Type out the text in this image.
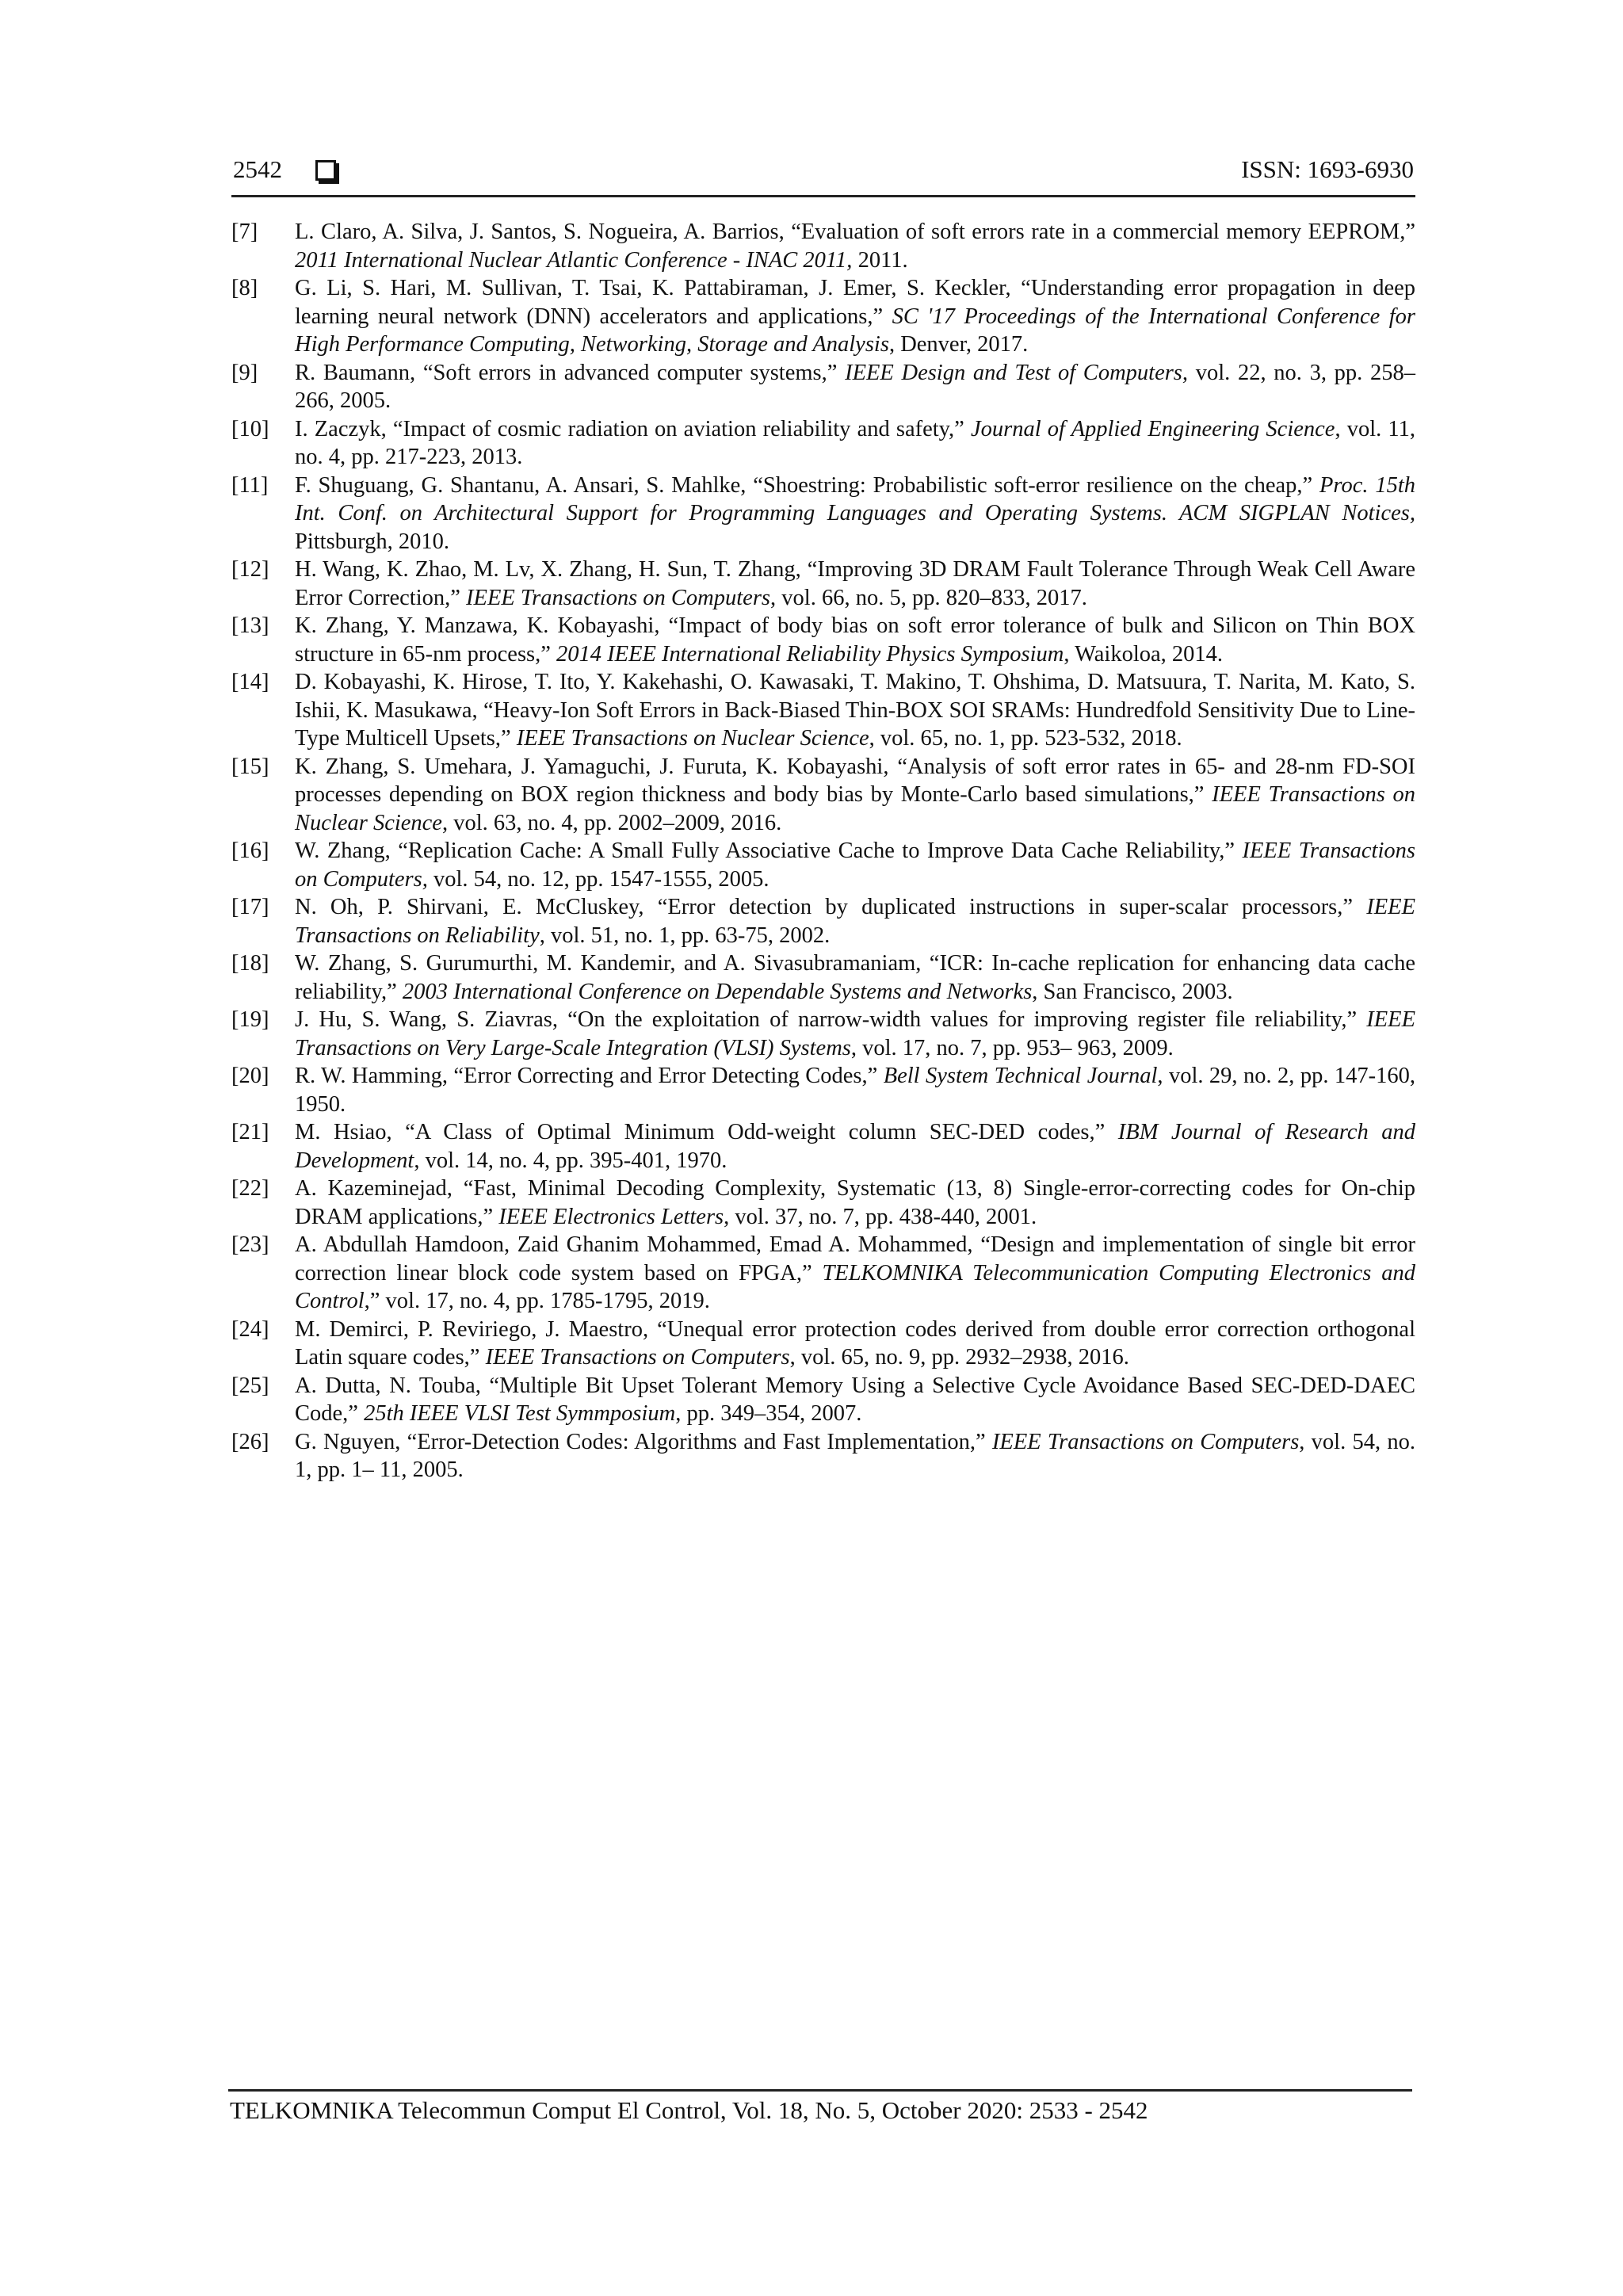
2542	ISSN: 1693-6930
[7] L. Claro, A. Silva, J. Santos, S. Nogueira, A. Barrios, “Evaluation of soft errors rate in a commercial memory EEPROM,” 2011 International Nuclear Atlantic Conference - INAC 2011, 2011.
[8] G. Li, S. Hari, M. Sullivan, T. Tsai, K. Pattabiraman, J. Emer, S. Keckler, “Understanding error propagation in deep learning neural network (DNN) accelerators and applications,” SC '17 Proceedings of the International Conference for High Performance Computing, Networking, Storage and Analysis, Denver, 2017.
[9] R. Baumann, “Soft errors in advanced computer systems,” IEEE Design and Test of Computers, vol. 22, no. 3, pp. 258– 266, 2005.
[10] I. Zaczyk, “Impact of cosmic radiation on aviation reliability and safety,” Journal of Applied Engineering Science, vol. 11, no. 4, pp. 217-223, 2013.
[11] F. Shuguang, G. Shantanu, A. Ansari, S. Mahlke, “Shoestring: Probabilistic soft-error resilience on the cheap,” Proc. 15th Int. Conf. on Architectural Support for Programming Languages and Operating Systems. ACM SIGPLAN Notices, Pittsburgh, 2010.
[12] H. Wang, K. Zhao, M. Lv, X. Zhang, H. Sun, T. Zhang, “Improving 3D DRAM Fault Tolerance Through Weak Cell Aware Error Correction,” IEEE Transactions on Computers, vol. 66, no. 5, pp. 820–833, 2017.
[13] K. Zhang, Y. Manzawa, K. Kobayashi, “Impact of body bias on soft error tolerance of bulk and Silicon on Thin BOX structure in 65-nm process,” 2014 IEEE International Reliability Physics Symposium, Waikoloa, 2014.
[14] D. Kobayashi, K. Hirose, T. Ito, Y. Kakehashi, O. Kawasaki, T. Makino, T. Ohshima, D. Matsuura, T. Narita, M. Kato, S. Ishii, K. Masukawa, “Heavy-Ion Soft Errors in Back-Biased Thin-BOX SOI SRAMs: Hundredfold Sensitivity Due to Line-Type Multicell Upsets,” IEEE Transactions on Nuclear Science, vol. 65, no. 1, pp. 523-532, 2018.
[15] K. Zhang, S. Umehara, J. Yamaguchi, J. Furuta, K. Kobayashi, “Analysis of soft error rates in 65- and 28-nm FD-SOI processes depending on BOX region thickness and body bias by Monte-Carlo based simulations,” IEEE Transactions on Nuclear Science, vol. 63, no. 4, pp. 2002–2009, 2016.
[16] W. Zhang, “Replication Cache: A Small Fully Associative Cache to Improve Data Cache Reliability,” IEEE Transactions on Computers, vol. 54, no. 12, pp. 1547-1555, 2005.
[17] N. Oh, P. Shirvani, E. McCluskey, “Error detection by duplicated instructions in super-scalar processors,” IEEE Transactions on Reliability, vol. 51, no. 1, pp. 63-75, 2002.
[18] W. Zhang, S. Gurumurthi, M. Kandemir, and A. Sivasubramaniam, “ICR: In-cache replication for enhancing data cache reliability,” 2003 International Conference on Dependable Systems and Networks, San Francisco, 2003.
[19] J. Hu, S. Wang, S. Ziavras, “On the exploitation of narrow-width values for improving register file reliability,” IEEE Transactions on Very Large-Scale Integration (VLSI) Systems, vol. 17, no. 7, pp. 953– 963, 2009.
[20] R. W. Hamming, “Error Correcting and Error Detecting Codes,” Bell System Technical Journal, vol. 29, no. 2, pp. 147-160, 1950.
[21] M. Hsiao, “A Class of Optimal Minimum Odd-weight column SEC-DED codes,” IBM Journal of Research and Development, vol. 14, no. 4, pp. 395-401, 1970.
[22] A. Kazeminejad, “Fast, Minimal Decoding Complexity, Systematic (13, 8) Single-error-correcting codes for On-chip DRAM applications,” IEEE Electronics Letters, vol. 37, no. 7, pp. 438-440, 2001.
[23] A. Abdullah Hamdoon, Zaid Ghanim Mohammed, Emad A. Mohammed, “Design and implementation of single bit error correction linear block code system based on FPGA,” TELKOMNIKA Telecommunication Computing Electronics and Control,” vol. 17, no. 4, pp. 1785-1795, 2019.
[24] M. Demirci, P. Reviriego, J. Maestro, “Unequal error protection codes derived from double error correction orthogonal Latin square codes,” IEEE Transactions on Computers, vol. 65, no. 9, pp. 2932–2938, 2016.
[25] A. Dutta, N. Touba, “Multiple Bit Upset Tolerant Memory Using a Selective Cycle Avoidance Based SEC-DED-DAEC Code,” 25th IEEE VLSI Test Symmposium, pp. 349–354, 2007.
[26] G. Nguyen, “Error-Detection Codes: Algorithms and Fast Implementation,” IEEE Transactions on Computers, vol. 54, no. 1, pp. 1– 11, 2005.
TELKOMNIKA Telecommun Comput El Control, Vol. 18, No. 5, October 2020: 2533 - 2542
